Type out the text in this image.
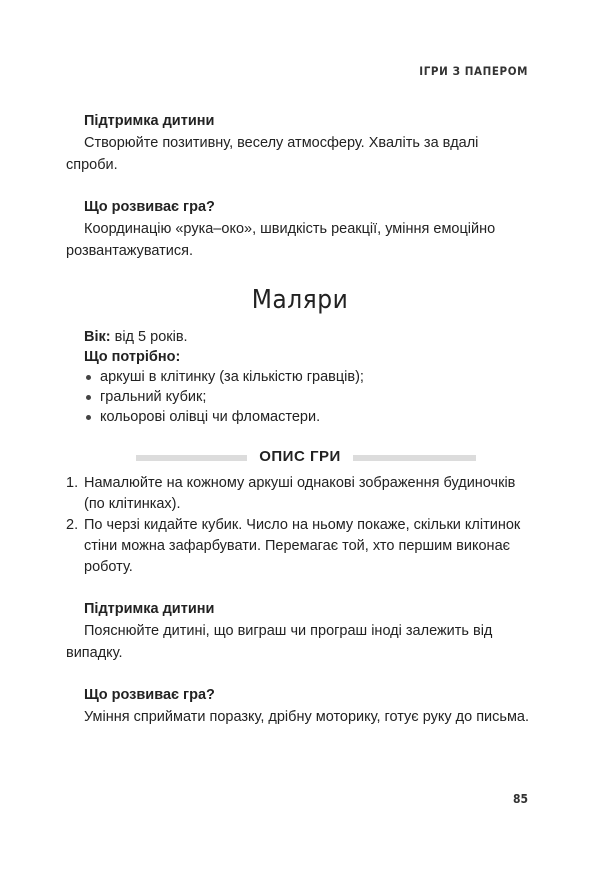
ІГРИ З ПАПЕРОМ

Підтримка дитини

Створюйте позитивну, веселу атмосферу. Хваліть за вдалі спроби.

Що розвиває гра?

Координацію «рука–око», швидкість реакції, уміння емоційно розвантажуватися.

Маляри

Вік: від 5 років.

Що потрібно:

аркуші в клітинку (за кількістю гравців);
гральний кубик;
кольорові олівці чи фломастери.
ОПИС ГРИ
1. Намалюйте на кожному аркуші однакові зображення будиночків (по клітинках).
2. По черзі кидайте кубик. Число на ньому покаже, скільки клітинок стіни можна зафарбувати. Перемагає той, хто першим виконає роботу.

Підтримка дитини

Пояснюйте дитині, що виграш чи програш іноді залежить від випадку.

Що розвиває гра?

Уміння сприймати поразку, дрібну моторику, готує руку до письма.

85
